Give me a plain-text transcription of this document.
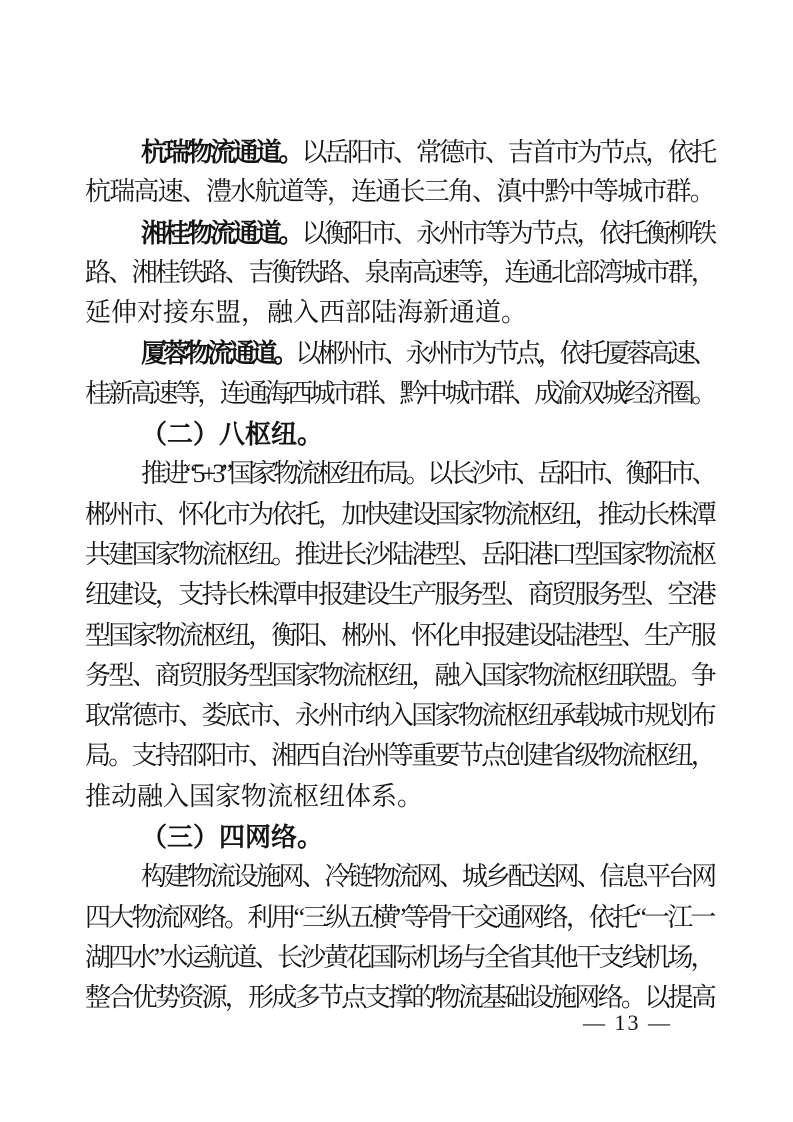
杭瑞物流通道。以岳阳市、常德市、吉首市为节点，依托
杭瑞高速、澧水航道等，连通长三角、滇中黔中等城市群。
湘桂物流通道。以衡阳市、永州市等为节点，依托衡柳铁
路、湘桂铁路、吉衡铁路、泉南高速等，连通北部湾城市群，
延伸对接东盟，融入西部陆海新通道。
厦蓉物流通道。以郴州市、永州市为节点，依托厦蓉高速、
桂新高速等，连通海西城市群、黔中城市群、成渝双城经济圈。
（二）八枢纽。
推进“5+3”国家物流枢纽布局。以长沙市、岳阳市、衡阳市、
郴州市、怀化市为依托，加快建设国家物流枢纽，推动长株潭
共建国家物流枢纽。推进长沙陆港型、岳阳港口型国家物流枢
纽建设，支持长株潭申报建设生产服务型、商贸服务型、空港
型国家物流枢纽，衡阳、郴州、怀化申报建设陆港型、生产服
务型、商贸服务型国家物流枢纽，融入国家物流枢纽联盟。争
取常德市、娄底市、永州市纳入国家物流枢纽承载城市规划布
局。支持邵阳市、湘西自治州等重要节点创建省级物流枢纽，
推动融入国家物流枢纽体系。
（三）四网络。
构建物流设施网、冷链物流网、城乡配送网、信息平台网
四大物流网络。利用“三纵五横”等骨干交通网络，依托“一江一
湖四水”水运航道、长沙黄花国际机场与全省其他干支线机场，
整合优势资源，形成多节点支撑的物流基础设施网络。以提高
— 13 —
